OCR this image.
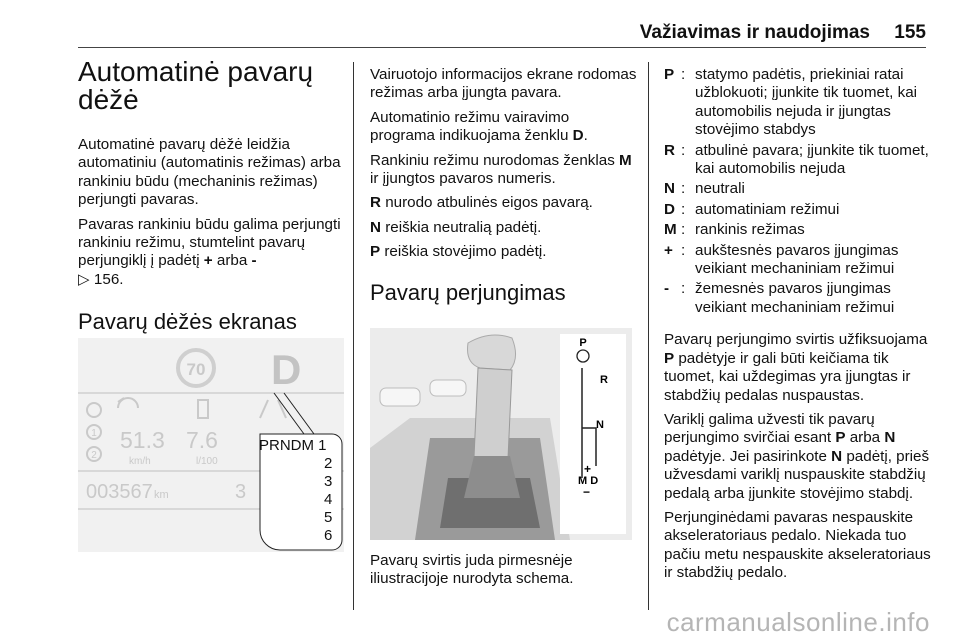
Važiavimas ir naudojimas 155
Automatinė pavarų
dėžė

Automatinė pavarų dėžė leidžia automatiniu (automatinis režimas) arba rankiniu būdu (mechaninis režimas) perjungti pavaras.

Pavaras rankiniu būdu galima perjungti rankiniu režimu, stumtelint pavarų perjungiklį į padėtį + arba -
▷ 156.

Pavarų dėžės ekranas
70 D
1
2
51.3
km/h
7.6
l/100
003567 km	3
PRNDM 1
2
3
4
5
6

Vairuotojo informacijos ekrane rodomas režimas arba įjungta pavara.

Automatinio režimu vairavimo programa indikuojama ženklu D.

Rankiniu režimu nurodomas ženklas M ir įjungtos pavaros numeris.

R nurodo atbulinės eigos pavarą.

N reiškia neutralią padėtį.

P reiškia stovėjimo padėtį.

Pavarų perjungimas
P
R
N
+
M D
−

Pavarų svirtis juda pirmesnėje iliustracijoje nurodyta schema.

P : statymo padėtis, priekiniai ratai užblokuoti; įjunkite tik tuomet, kai automobilis nejuda ir įjungtas stovėjimo stabdys
R : atbulinė pavara; įjunkite tik tuomet, kai automobilis nejuda
N : neutrali
D : automatiniam režimui
M : rankinis režimas
+ : aukštesnės pavaros įjungimas veikiant mechaniniam režimui
- : žemesnės pavaros įjungimas veikiant mechaniniam režimui

Pavarų perjungimo svirtis užfiksuojama P padėtyje ir gali būti keičiama tik tuomet, kai uždegimas yra įjungtas ir stabdžių pedalas nuspaustas.

Variklį galima užvesti tik pavarų perjungimo svirčiai esant P arba N padėtyje. Jei pasirinkote N padėtį, prieš užvesdami variklį nuspauskite stabdžių pedalą arba įjunkite stovėjimo stabdį.

Perjunginėdami pavaras nespauskite akseleratoriaus pedalo. Niekada tuo pačiu metu nespauskite akseleratoriaus ir stabdžių pedalo.

carmanualsonline.info
